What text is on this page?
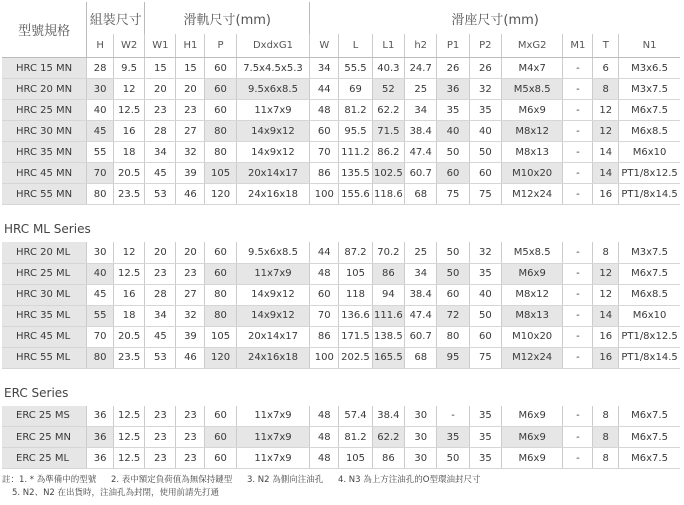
型號規格	組裝尺寸		滑軌尺寸(mm)				滑座尺寸(mm)									
	H	W2	W1	H1	P	DxdxG1	W	L	L1	h2	P1	P2	MxG2	M1	T	N1
HRC 15 MN	28	9.5	15	15	60	7.5x4.5x5.3	34	55.5	40.3	24.7	26	26	M4x7	-	6	M3x6.5
HRC 20 MN	30	12	20	20	60	9.5x6x8.5	44	69	52	25	36	32	M5x8.5	-	8	M3x7.5
HRC 25 MN	40	12.5	23	23	60	11x7x9	48	81.2	62.2	34	35	35	M6x9	-	12	M6x7.5
HRC 30 MN	45	16	28	27	80	14x9x12	60	95.5	71.5	38.4	40	40	M8x12	-	12	M6x8.5
HRC 35 MN	55	18	34	32	80	14x9x12	70	111.2	86.2	47.4	50	50	M8x13	-	14	M6x10
HRC 45 MN	70	20.5	45	39	105	20x14x17	86	135.5	102.5	60.7	60	60	M10x20	-	14	PT1/8x12.5
HRC 55 MN	80	23.5	53	46	120	24x16x18	100	155.6	118.6	68	75	75	M12x24	-	16	PT1/8x14.5

HRC ML Series																
HRC 20 ML	30	12	20	20	60	9.5x6x8.5	44	87.2	70.2	25	50	32	M5x8.5	-	8	M3x7.5
HRC 25 ML	40	12.5	23	23	60	11x7x9	48	105	86	34	50	35	M6x9	-	12	M6x7.5
HRC 30 ML	45	16	28	27	80	14x9x12	60	118	94	38.4	60	40	M8x12	-	12	M6x8.5
HRC 35 ML	55	18	34	32	80	14x9x12	70	136.6	111.6	47.4	72	50	M8x13	-	14	M6x10
HRC 45 ML	70	20.5	45	39	105	20x14x17	86	171.5	138.5	60.7	80	60	M10x20	-	16	PT1/8x12.5
HRC 55 ML	80	23.5	53	46	120	24x16x18	100	202.5	165.5	68	95	75	M12x24	-	16	PT1/8x14.5

ERC Series																
ERC 25 MS	36	12.5	23	23	60	11x7x9	48	57.4	38.4	30	-	35	M6x9	-	8	M6x7.5
ERC 25 MN	36	12.5	23	23	60	11x7x9	48	81.2	62.2	30	35	35	M6x9	-	8	M6x7.5
ERC 25 ML	36	12.5	23	23	60	11x7x9	48	105	86	30	50	35	M6x9	-	8	M6x7.5
註：1. * 為準備中的型號 2. 表中額定負荷值為無保持鏈型 3. N2 為側向注油孔 4. N3 為上方注油孔的O型環油封尺寸
5. N2、N2 在出貨時，注油孔為封閉，使用前請先打通
